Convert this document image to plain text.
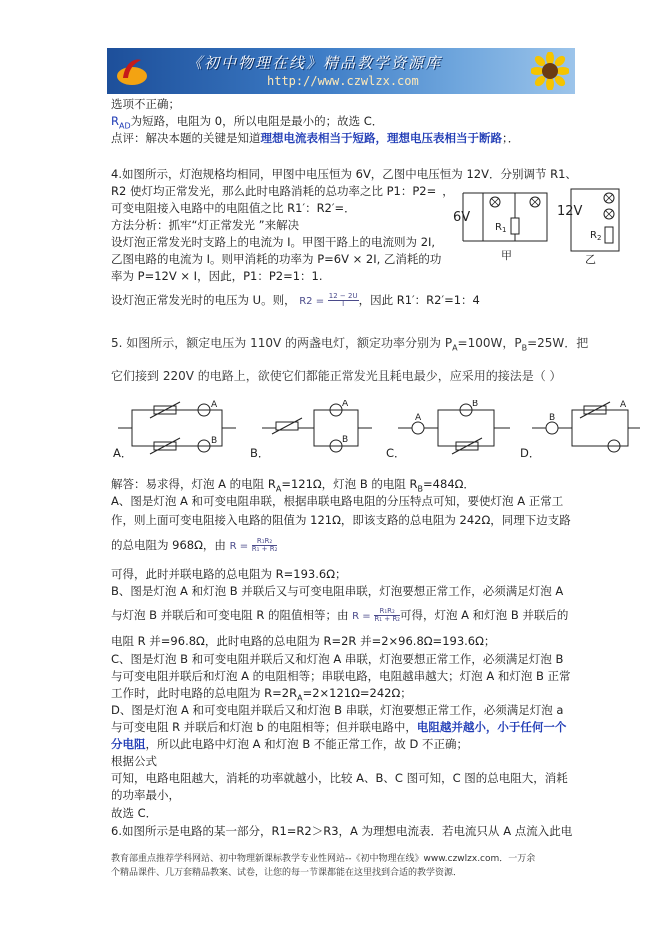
《初中物理在线》精品教学资源库
http://www.czwlzx.com
选项不正确；
$R_{AD}$为短路，电阻为 0，所以电阻是最小的；故选 C．
点评：解决本题的关键是知道理想电流表相当于短路，理想电压表相当于断路；．
4.如图所示，灯泡规格均相同，甲图中电压恒为 6V，乙图中电压恒为 12V．分别调节 R1、
R2 使灯均正常发光，那么此时电路消耗的总功率之比 P1：P2= ，
可变电阻接入电路中的电阻值之比 R1′：R2′=．
方法分析：抓牢“灯正常发光 ”来解决
设灯泡正常发光时支路上的电流为 I。甲图干路上的电流则为 2I,
乙图电路的电流为 I。则甲消耗的功率为 P=6V × 2I, 乙消耗的功
率为 P=12V × I，因此，P1：P2=1：1.
设灯泡正常发光时的电压为 U。则， $R2 = \frac{12 - 2U}{I}$ ，因此 R1′：R2′=1：4
6V	12V
$R_1$	$R_2$
甲	乙
5. 如图所示，额定电压为 110V 的两盏电灯，额定功率分别为 $P_A=100W$，$P_B=25W$．把
它们接到 220V 的电路上，欲使它们都能正常发光且耗电最少，应采用的接法是（ ）
A．	B．	C．	D．
A
B
A
B
A
B
B
A
解答：易求得，灯泡 A 的电阻 $R_A=121\Omega$，灯泡 B 的电阻 $R_B=484\Omega$．
A、图是灯泡 A 和可变电阻串联，根据串联电路电阻的分压特点可知，要使灯泡 A 正常工
作，则上面可变电阻接入电路的阻值为 121Ω，即该支路的总电阻为 242Ω，同理下边支路
的总电阻为 968Ω，由 $R = \frac{\text{R₁R₂}}{\text{R₁ + R₂}}$
可得，此时并联电路的总电阻为 R=193.6Ω；
B、图是灯泡 A 和灯泡 B 并联后又与可变电阻串联，灯泡要想正常工作，必须满足灯泡 A
与灯泡 B 并联后和可变电阻 R 的阻值相等；由 $R = \frac{\text{R₁R₂}}{\text{R₁ + R₂}}$ 可得，灯泡 A 和灯泡 B 并联后的
电阻 R 并=96.8Ω，此时电路的总电阻为 R=2R 并=2×96.8Ω=193.6Ω；
C、图是灯泡 B 和可变电阻并联后又和灯泡 A 串联，灯泡要想正常工作，必须满足灯泡 B
与可变电阻并联后和灯泡 A 的电阻相等；串联电路，电阻越串越大；灯泡 A 和灯泡 B 正常
工作时，此时电路的总电阻为 $R=2R_A=2\times 121\Omega=242\Omega$；
D、图是灯泡 A 和可变电阻并联后又和灯泡 B 串联，灯泡要想正常工作，必须满足灯泡 a
与可变电阻 R 并联后和灯泡 b 的电阻相等；但并联电路中，电阻越并越小，小于任何一个
分电阻，所以此电路中灯泡 A 和灯泡 B 不能正常工作，故 D 不正确；
根据公式
可知，电路电阻越大，消耗的功率就越小，比较 A、B、C 图可知，C 图的总电阻大，消耗
的功率最小，
故选 C．
6.如图所示是电路的某一部分，R1=R2＞R3，A 为理想电流表．若电流只从 A 点流入此电
教育部重点推荐学科网站、初中物理新课标教学专业性网站--《初中物理在线》www.czwlzx.com．一万余
个精品课件、几万套精品教案、试卷，让您的每一节课都能在这里找到合适的教学资源．
